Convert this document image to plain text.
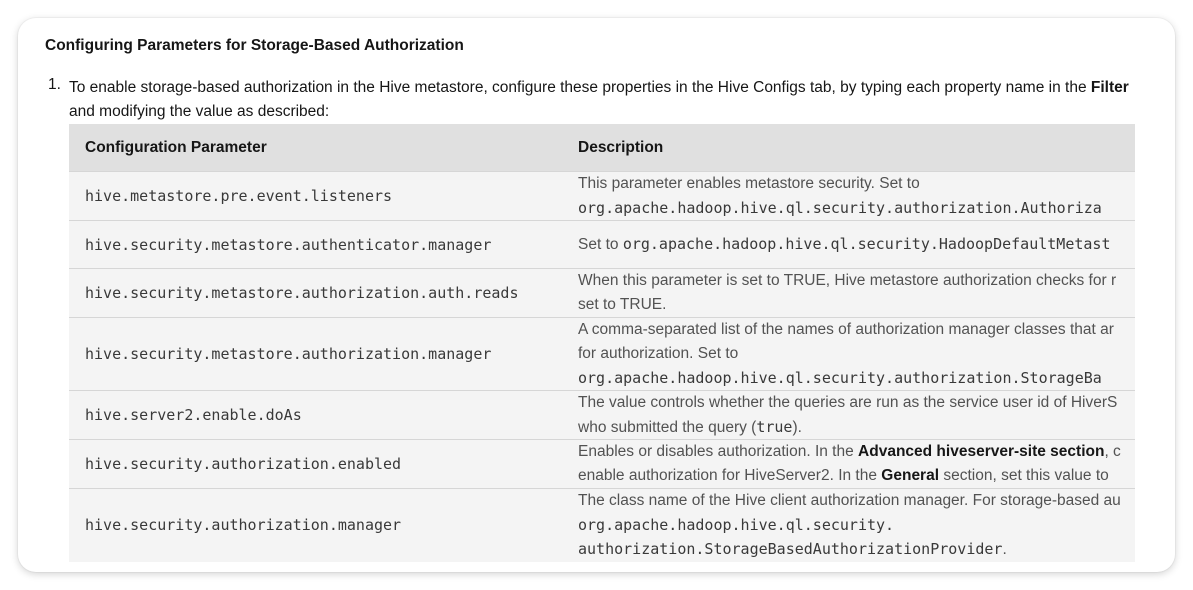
Configuring Parameters for Storage-Based Authorization
1. To enable storage-based authorization in the Hive metastore, configure these properties in the Hive Configs tab, by typing each property name in the Filter and modifying the value as described:
Configuration Parameter	Description
hive.metastore.pre.event.listeners	This parameter enables metastore security. Set to
org.apache.hadoop.hive.ql.security.authorization.Authoriza

hive.security.metastore.authenticator.manager	Set to org.apache.hadoop.hive.ql.security.HadoopDefaultMetast
hive.security.metastore.authorization.auth.reads	When this parameter is set to TRUE, Hive metastore authorization checks for r
set to TRUE.

hive.security.metastore.authorization.manager	A comma-separated list of the names of authorization manager classes that ar
for authorization. Set to
org.apache.hadoop.hive.ql.security.authorization.StorageBa

hive.server2.enable.doAs	The value controls whether the queries are run as the service user id of HiverS
who submitted the query (true).

hive.security.authorization.enabled	Enables or disables authorization. In the Advanced hiveserver-site section, c
enable authorization for HiveServer2. In the General section, set this value to

hive.security.authorization.manager	The class name of the Hive client authorization manager. For storage-based au
org.apache.hadoop.hive.ql.security.
authorization.StorageBasedAuthorizationProvider.
